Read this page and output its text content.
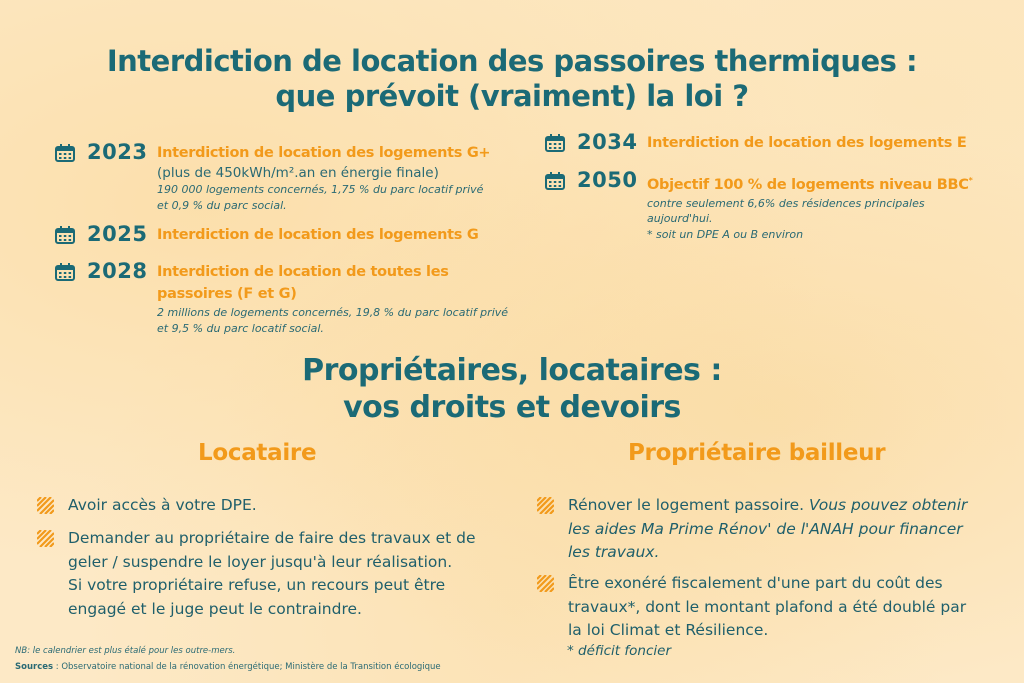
Interdiction de location des passoires thermiques :
que prévoit (vraiment) la loi ?
2023 Interdiction de location des logements G+
(plus de 450kWh/m².an en énergie finale)
190 000 logements concernés, 1,75 % du parc locatif privé
et 0,9 % du parc social.
2025 Interdiction de location des logements G
2028 Interdiction de location de toutes les
passoires (F et G)
2 millions de logements concernés, 19,8 % du parc locatif privé
et 9,5 % du parc locatif social.
2034 Interdiction de location des logements E
2050 Objectif 100 % de logements niveau BBC*
contre seulement 6,6% des résidences principales
aujourd'hui.
* soit un DPE A ou B environ
Propriétaires, locataires :
vos droits et devoirs
Locataire	Propriétaire bailleur
Avoir accès à votre DPE.
Demander au propriétaire de faire des travaux et de
geler / suspendre le loyer jusqu'à leur réalisation.
Si votre propriétaire refuse, un recours peut être
engagé et le juge peut le contraindre.
Rénover le logement passoire. Vous pouvez obtenir
les aides Ma Prime Rénov' de l'ANAH pour financer
les travaux.
Être exonéré fiscalement d'une part du coût des
travaux*, dont le montant plafond a été doublé par
la loi Climat et Résilience.
* déficit foncier
NB: le calendrier est plus étalé pour les outre-mers.
Sources : Observatoire national de la rénovation énergétique; Ministère de la Transition écologique
